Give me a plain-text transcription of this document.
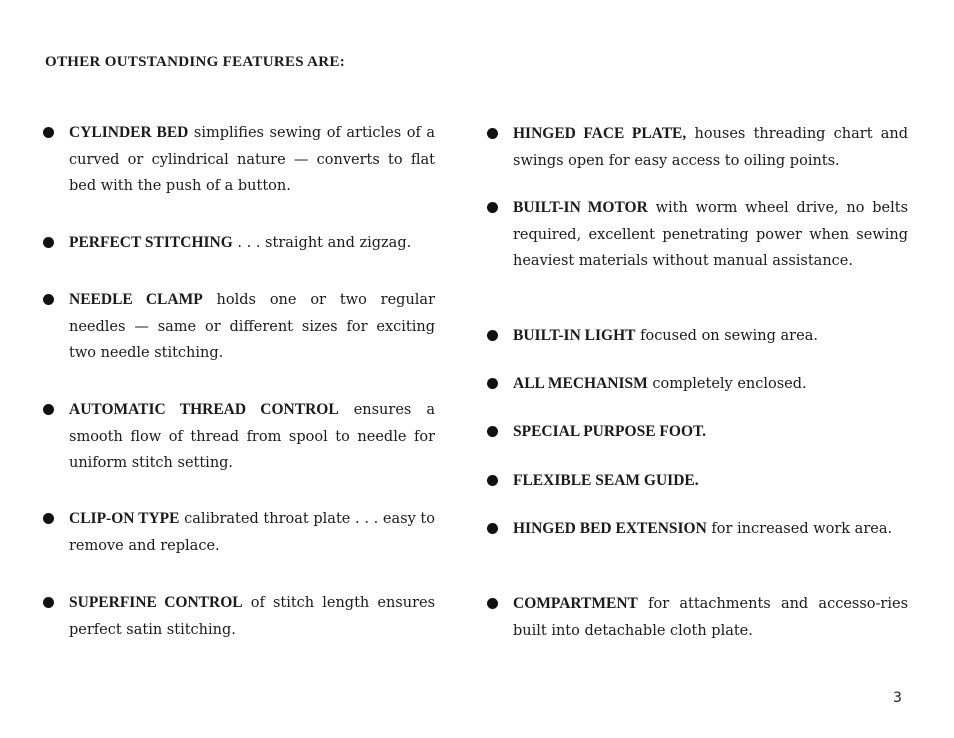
OTHER OUTSTANDING FEATURES ARE:
CYLINDER BED simplifies sewing of articles of a curved or cylindrical nature — converts to flat bed with the push of a button.
PERFECT STITCHING . . . straight and zigzag.
NEEDLE CLAMP holds one or two regular needles — same or different sizes for exciting two needle stitching.
AUTOMATIC THREAD CONTROL ensures a smooth flow of thread from spool to needle for uniform stitch setting.
CLIP-ON TYPE calibrated throat plate . . . easy to remove and replace.
SUPERFINE CONTROL of stitch length ensures perfect satin stitching.
HINGED FACE PLATE, houses threading chart and swings open for easy access to oiling points.
BUILT-IN MOTOR with worm wheel drive, no belts required, excellent penetrating power when sewing heaviest materials without manual assistance.
BUILT-IN LIGHT focused on sewing area.
ALL MECHANISM completely enclosed.
SPECIAL PURPOSE FOOT.
FLEXIBLE SEAM GUIDE.
HINGED BED EXTENSION for increased work area.
COMPARTMENT for attachments and accesso-ries built into detachable cloth plate.
3
